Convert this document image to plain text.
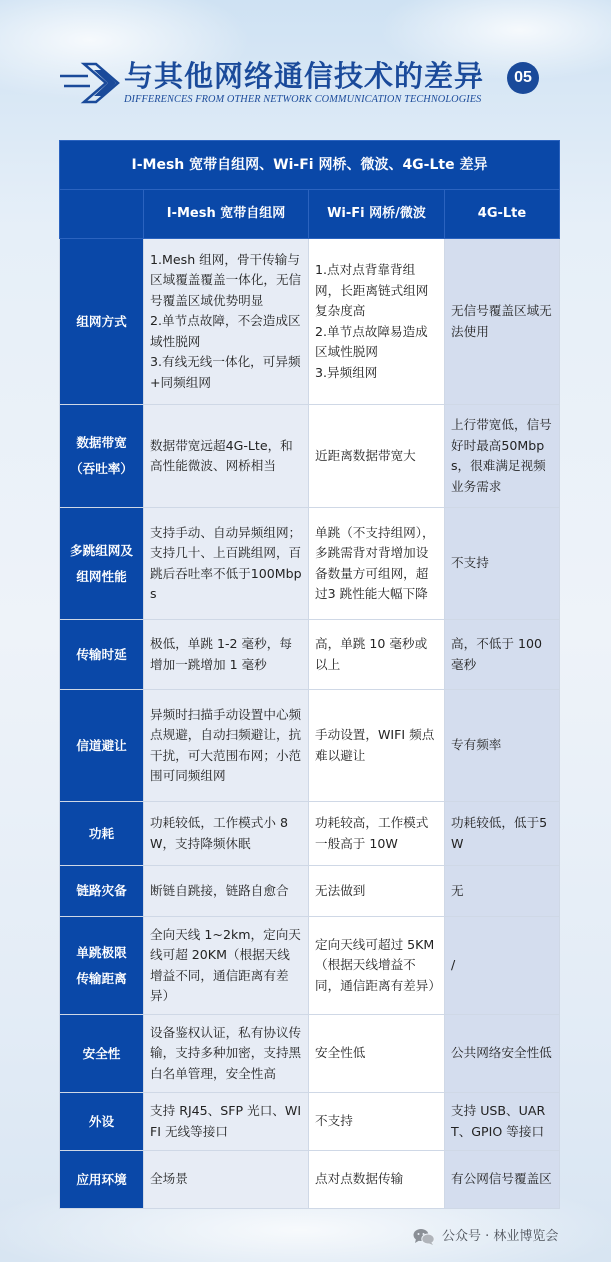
与其他网络通信技术的差异	05
DIFFERENCES FROM OTHER NETWORK COMMUNICATION TECHNOLOGIES
I-Mesh 宽带自组网、Wi-Fi 网桥、微波、4G-Lte 差异			
	I-Mesh 宽带自组网	Wi-Fi 网桥/微波	4G-Lte

组网方式	1.Mesh 组网，骨干传输与区域覆盖覆盖一体化，无信号覆盖区域优势明显
2.单节点故障，不会造成区域性脱网
3.有线无线一体化，可异频+同频组网	1.点对点背靠背组网，长距离链式组网复杂度高
2.单节点故障易造成区域性脱网
3.异频组网	无信号覆盖区域无法使用

数据带宽
（吞吐率）	数据带宽远超4G-Lte，和高性能微波、网桥相当	近距离数据带宽大	上行带宽低，信号好时最高50Mbps，很难满足视频业务需求

多跳组网及
组网性能	支持手动、自动异频组网；支持几十、上百跳组网，百跳后吞吐率不低于100Mbps	单跳（不支持组网），多跳需背对背增加设备数量方可组网，超过3 跳性能大幅下降	不支持

传输时延	极低，单跳 1-2 毫秒，每增加一跳增加 1 毫秒	高，单跳 10 毫秒或以上	高，不低于 100 毫秒

信道避让	异频时扫描手动设置中心频点规避，自动扫频避让，抗干扰，可大范围布网；小范围可同频组网	手动设置，WIFI 频点难以避让	专有频率

功耗	功耗较低，工作模式小 8W，支持降频休眠	功耗较高，工作模式一般高于 10W	功耗较低，低于5W

链路灾备	断链自跳接，链路自愈合	无法做到	无

单跳极限
传输距离	全向天线 1~2km，定向天线可超 20KM（根据天线增益不同，通信距离有差异）	定向天线可超过 5KM（根据天线增益不同，通信距离有差异）	/

安全性	设备鉴权认证，私有协议传输，支持多种加密，支持黑白名单管理，安全性高	安全性低	公共网络安全性低

外设	支持 RJ45、SFP 光口、WIFI 无线等接口	不支持	支持 USB、UART、GPIO 等接口

应用环境	全场景	点对点数据传输	有公网信号覆盖区
公众号 · 林业博览会
